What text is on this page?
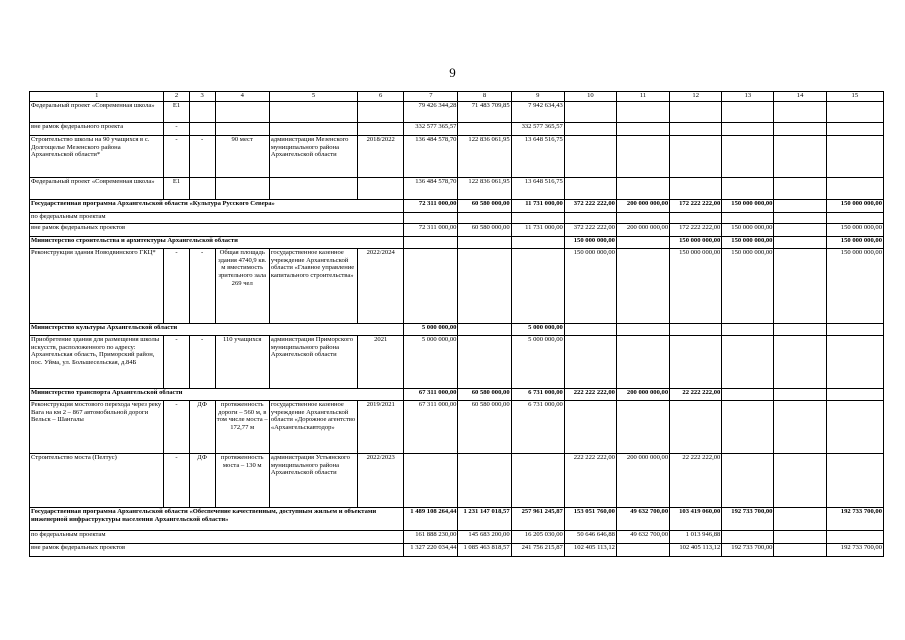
9
1	2	3	4	5	6	7	8	9	10	11	12	13	14	15
Федеральный проект «Современная школа»	E1					79 426 344,28	71 483 709,85	7 942 634,43						
вне рамок федерального проекта	-					332 577 365,57		332 577 365,57						
Строительство школы на 90 учащихся в с. Долгощелье Мезенского района Архангельской области*	-	-	90 мест	администрация Мезенского муниципального района Архангельской области	2018/2022	136 484 578,70	122 836 061,95	13 648 516,75						
Федеральный проект «Современная школа»	E1					136 484 578,70	122 836 061,95	13 648 516,75						
Государственная программа Архангельской области «Культура Русского Севера»						72 311 000,00	60 580 000,00	11 731 000,00	372 222 222,00	200 000 000,00	172 222 222,00	150 000 000,00		150 000 000,00
по федеральным проектам														
вне рамок федеральных проектов						72 311 000,00	60 580 000,00	11 731 000,00	372 222 222,00	200 000 000,00	172 222 222,00	150 000 000,00		150 000 000,00
Министерство строительства и архитектуры Архангельской области									150 000 000,00		150 000 000,00	150 000 000,00		150 000 000,00
Реконструкция здания Новодвинского ГКЦ*	-	-	Общая площадь здания 4740,9 кв. м вместимость зрительного зала 269 чел	государственное казенное учреждение Архангельской области «Главное управление капитального строительства»	2022/2024				150 000 000,00		150 000 000,00	150 000 000,00		150 000 000,00
Министерство культуры Архангельской области						5 000 000,00		5 000 000,00						
Приобретение здания для размещения школы искусств, расположенного по адресу: Архангельская область, Приморский район, пос. Уйма, ул. Большесельская, д.84Б	-	-	110 учащихся	администрация Приморского муниципального района Архангельской области	2021	5 000 000,00		5 000 000,00						
Министерство транспорта Архангельской области						67 311 000,00	60 580 000,00	6 731 000,00	222 222 222,00	200 000 000,00	22 222 222,00			
Реконструкция мостового перехода через реку Вага на км 2 – 867 автомобильной дороги Вельск – Шангалы	-	ДФ	протяженность дороги – 560 м, в том числе моста – 172,77 м	государственное казенное учреждение Архангельской области «Дорожное агентство «Архангельскавтодор»	2019/2021	67 311 000,00	60 580 000,00	6 731 000,00						
Строительство моста (Пелтус)	-	ДФ	протяженность моста – 130 м	администрация Устьянского муниципального района Архангельской области	2022/2023				222 222 222,00	200 000 000,00	22 222 222,00			
Государственная программа Архангельской области «Обеспечение качественным, доступным жильем и объектами инженерной инфраструктуры населения Архангельской области»						1 489 108 264,44	1 231 147 018,57	257 961 245,87	153 051 760,00	49 632 700,00	103 419 060,00	192 733 700,00		192 733 700,00
по федеральным проектам						161 888 230,00	145 683 200,00	16 205 030,00	50 646 646,88	49 632 700,00	1 013 946,88			
вне рамок федеральных проектов						1 327 220 034,44	1 085 463 818,57	241 756 215,87	102 405 113,12		102 405 113,12	192 733 700,00		192 733 700,00
